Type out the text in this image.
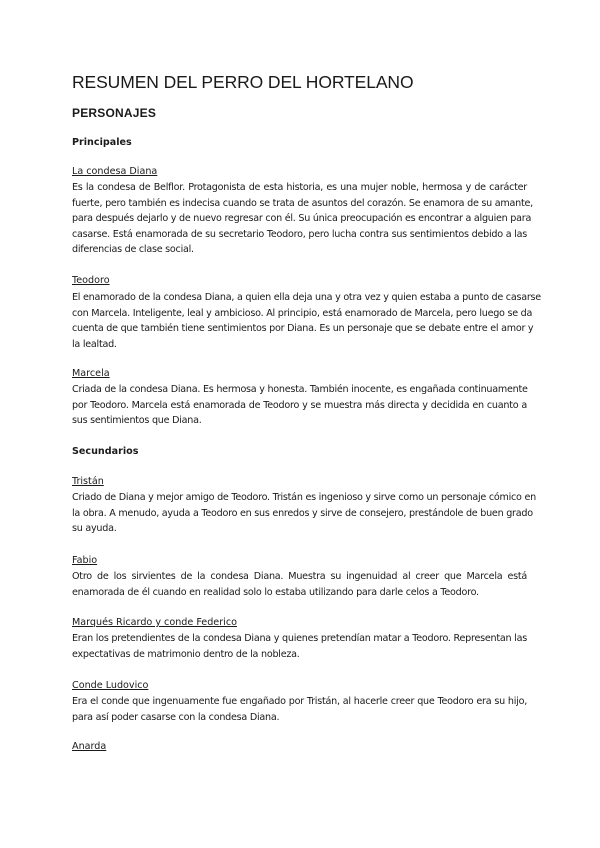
RESUMEN DEL PERRO DEL HORTELANO
PERSONAJES
Principales
La condesa Diana
Es la condesa de Belflor. Protagonista de esta historia, es una mujer noble, hermosa y de carácter
fuerte, pero también es indecisa cuando se trata de asuntos del corazón. Se enamora de su amante,
para después dejarlo y de nuevo regresar con él. Su única preocupación es encontrar a alguien para
casarse. Está enamorada de su secretario Teodoro, pero lucha contra sus sentimientos debido a las
diferencias de clase social.
Teodoro
El enamorado de la condesa Diana, a quien ella deja una y otra vez y quien estaba a punto de casarse
con Marcela. Inteligente, leal y ambicioso. Al principio, está enamorado de Marcela, pero luego se da
cuenta de que también tiene sentimientos por Diana. Es un personaje que se debate entre el amor y
la lealtad.
Marcela
Criada de la condesa Diana. Es hermosa y honesta. También inocente, es engañada continuamente
por Teodoro. Marcela está enamorada de Teodoro y se muestra más directa y decidida en cuanto a
sus sentimientos que Diana.
Secundarios
Tristán
Criado de Diana y mejor amigo de Teodoro. Tristán es ingenioso y sirve como un personaje cómico en
la obra. A menudo, ayuda a Teodoro en sus enredos y sirve de consejero, prestándole de buen grado
su ayuda.
Fabio
Otro de los sirvientes de la condesa Diana. Muestra su ingenuidad al creer que Marcela está
enamorada de él cuando en realidad solo lo estaba utilizando para darle celos a Teodoro.
Marqués Ricardo y conde Federico
Eran los pretendientes de la condesa Diana y quienes pretendían matar a Teodoro. Representan las
expectativas de matrimonio dentro de la nobleza.
Conde Ludovico
Era el conde que ingenuamente fue engañado por Tristán, al hacerle creer que Teodoro era su hijo,
para así poder casarse con la condesa Diana.
Anarda
